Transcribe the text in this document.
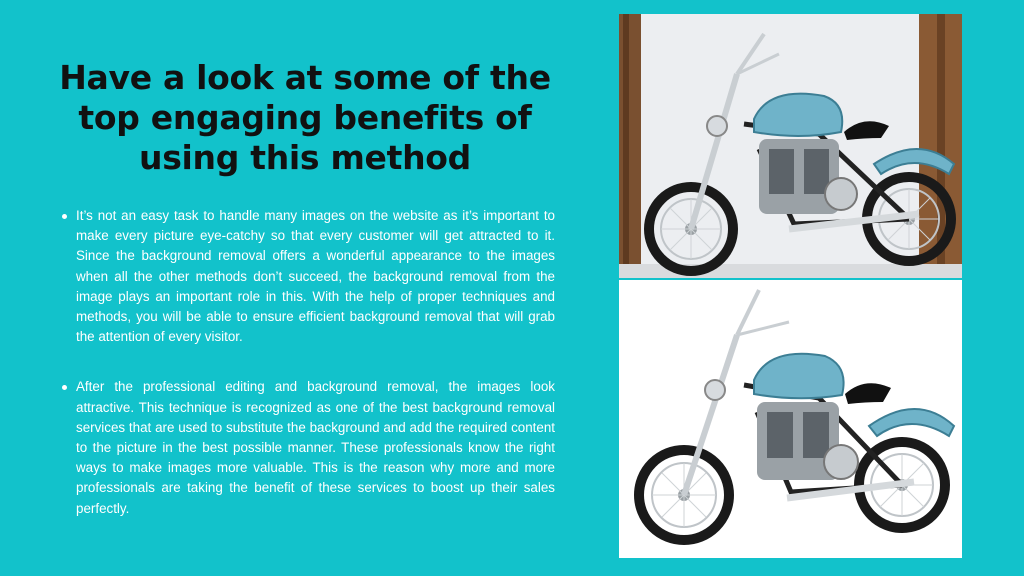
Have a look at some of the
top engaging benefits of
using this method
It’s not an easy task to handle many images on the website as it’s important to make every picture eye-catchy so that every customer will get attracted to it. Since the background removal offers a wonderful appearance to the images when all the other methods don’t succeed, the background removal from the image plays an important role in this. With the help of proper techniques and methods, you will be able to ensure efficient background removal that will grab the attention of every visitor.
After the professional editing and background removal, the images look attractive. This technique is recognized as one of the best background removal services that are used to substitute the background and add the required content to the picture in the best possible manner. These professionals know the right ways to make images more valuable. This is the reason why more and more professionals are taking the benefit of these services to boost up their sales perfectly.
